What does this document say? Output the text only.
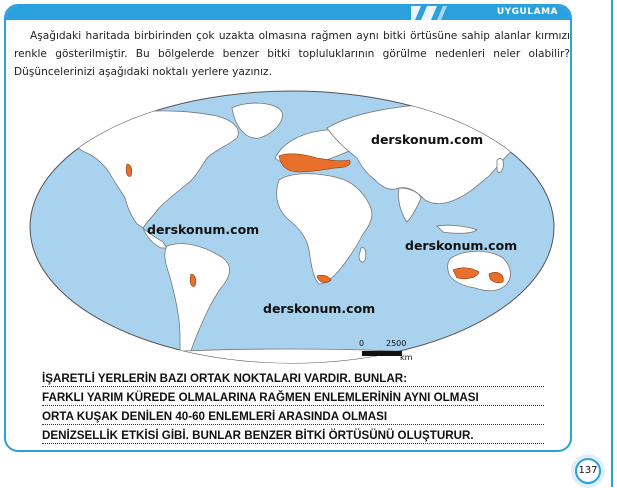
UYGULAMA

Aşağıdaki haritada birbirinden çok uzakta olmasına rağmen aynı bitki örtüsüne sahip alanlar kırmızı renkle gösterilmiştir. Bu bölgelerde benzer bitki topluluklarının görülme nedenleri neler olabilir? Düşüncelerinizi aşağıdaki noktalı yerlere yazınız.

derskonum.com
derskonum.com
derskonum.com
derskonum.com
0	2500
km
İŞARETLİ YERLERİN BAZI ORTAK NOKTALARI VARDIR. BUNLAR:
FARKLI YARIM KÜREDE OLMALARINA RAĞMEN ENLEMLERİNİN AYNI OLMASI
ORTA KUŞAK DENİLEN 40-60 ENLEMLERİ ARASINDA OLMASI
DENİZSELLİK ETKİSİ GİBİ. BUNLAR BENZER BİTKİ ÖRTÜSÜNÜ OLUŞTURUR.
137
